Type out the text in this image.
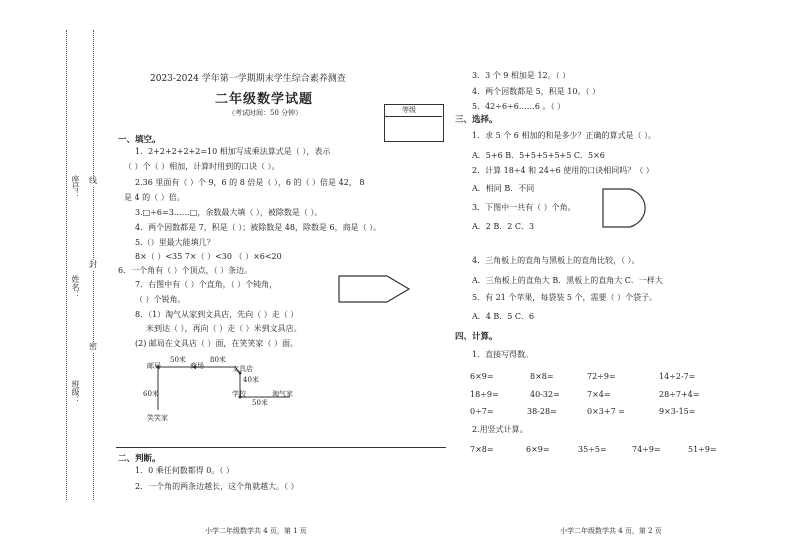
座号：
姓名：
班级：
线
封
密
2023-2024 学年第一学期期末学生综合素养测查
二年级数学试题
（考试时间：50 分钟）	等级
一、填空。
1．2+2+2+2+2=10 相加写成乘法算式是（ ），表示
（ ）个（ ）相加，计算时用到的口诀（ ）。
2.36 里面有（ ）个 9，6 的 8 倍是（ ），6 的（ ）倍是 42， 8
是 4 的（ ）倍。
3.□÷6=3……□，余数最大填（ ），被除数是（ ）。
4．两个因数都是 7，积是（ ）；被除数是 48，除数是 6，商是（ ）。
5.（）里最大能填几？
8×（ ）<35 7×（ ）<30 （ ）×6<20
6．一个角有（ ）个顶点，（ ）条边。
7．右图中有（ ）个直角，（ ）个钝角，
（ ）个锐角。
8．（1）淘气从家到文具店，先向（ ）走（ ）
米到达（ ），再向（ ）走（ ）米到文具店。
(2) 邮局在文具店（ ）面，在笑笑家（ ）面。
邮局	商场	文具店
学校	淘气家
笑笑家
50米	80米
60米
40米
50米
二、判断。
1．0 乘任何数都得 0。（ ）
2．一个角的两条边越长，这个角就越大。（ ）
3．3 个 9 相加是 12。（ ）
4．两个因数都是 5，积是 10。（ ）
5．42÷6÷6……6 。（ ）
三、选择。
1．求 5 个 6 相加的和是多少？正确的算式是（ ）。
A．5+6 B．5+5+5+5+5 C．5×6
2．计算 18÷4 和 24÷6 使用的口诀相同吗？（ ）
A．相同 B．不同
3．下图中一共有（ ）个角。
A．2 B．2 C．3
4．三角板上的直角与黑板上的直角比较，（ ）。
A．三角板上的直角大 B．黑板上的直角大 C．一样大
5．有 21 个苹果，每袋装 5 个，需要（ ）个袋子。
A．4 B．5 C．6
四、计算。
1．直接写得数。
6×9=	8×8=	72÷9=	14÷2-7=
18÷9=	40-32=	7×4=	28÷7+4=
0÷7=	38-28=	0×3+7 =	9×3-15=
2.用竖式计算。
7×8=	6×9=	35÷5=	74÷9=	51÷9=
小学二年级数学共 4 页，第 1 页	小学二年级数学共 4 页，第 2 页
